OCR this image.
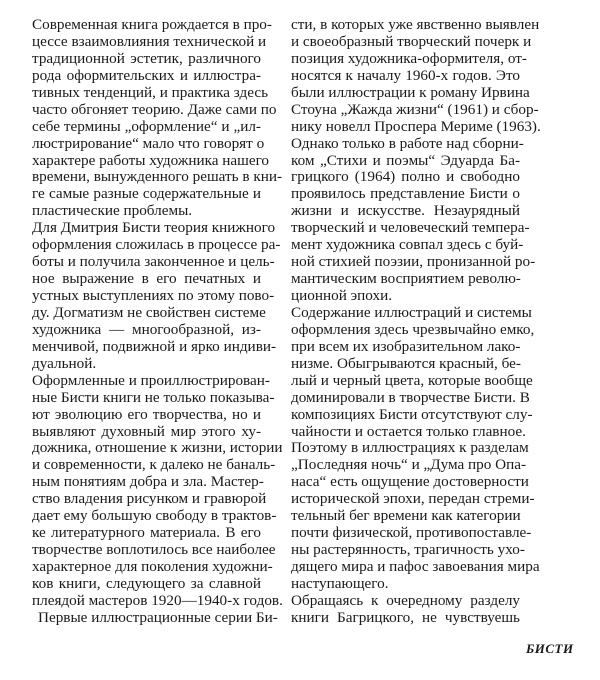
Современная книга рождается в про-
цессе взаимовлияния технической и
традиционной эстетик, различного
рода оформительских и иллюстра-
тивных тенденций, и практика здесь
часто обгоняет теорию. Даже сами по
себе термины „оформление“ и „ил-
люстрирование“ мало что говорят о
характере работы художника нашего
времени, вынужденного решать в кни-
ге самые разные содержательные и
пластические проблемы.
Для Дмитрия Бисти теория книжного
оформления сложилась в процессе ра-
боты и получила законченное и цель-
ное выражение в его печатных и
устных выступлениях по этому пово-
ду. Догматизм не свойствен системе
художника — многообразной, из-
менчивой, подвижной и ярко индиви-
дуальной.
Оформленные и проиллюстрирован-
ные Бисти книги не только показыва-
ют эволюцию его творчества, но и
выявляют духовный мир этого ху-
дожника, отношение к жизни, истории
и современности, к далеко не баналь-
ным понятиям добра и зла. Мастер-
ство владения рисунком и гравюрой
дает ему большую свободу в трактов-
ке литературного материала. В его
творчестве воплотилось все наиболее
характерное для поколения художни-
ков книги, следующего за славной
плеядой мастеров 1920—1940-х годов.
Первые иллюстрационные серии Би-
сти, в которых уже явственно выявлен
и своеобразный творческий почерк и
позиция художника-оформителя, от-
носятся к началу 1960-х годов. Это
были иллюстрации к роману Ирвина
Стоуна „Жажда жизни“ (1961) и сбор-
нику новелл Проспера Мериме (1963).
Однако только в работе над сборни-
ком „Стихи и поэмы“ Эдуарда Ба-
грицкого (1964) полно и свободно
проявилось представление Бисти о
жизни и искусстве. Незаурядный
творческий и человеческий темпера-
мент художника совпал здесь с буй-
ной стихией поэзии, пронизанной ро-
мантическим восприятием револю-
ционной эпохи.
Содержание иллюстраций и системы
оформления здесь чрезвычайно емко,
при всем их изобразительном лако-
низме. Обыгрываются красный, бе-
лый и черный цвета, которые вообще
доминировали в творчестве Бисти. В
композициях Бисти отсутствуют слу-
чайности и остается только главное.
Поэтому в иллюстрациях к разделам
„Последняя ночь“ и „Дума про Опа-
наса“ есть ощущение достоверности
исторической эпохи, передан стреми-
тельный бег времени как категории
почти физической, противопоставле-
ны растерянность, трагичность ухо-
дящего мира и пафос завоевания мира
наступающего.
Обращаясь к очередному разделу
книги Багрицкого, не чувствуешь
БИСТИ
